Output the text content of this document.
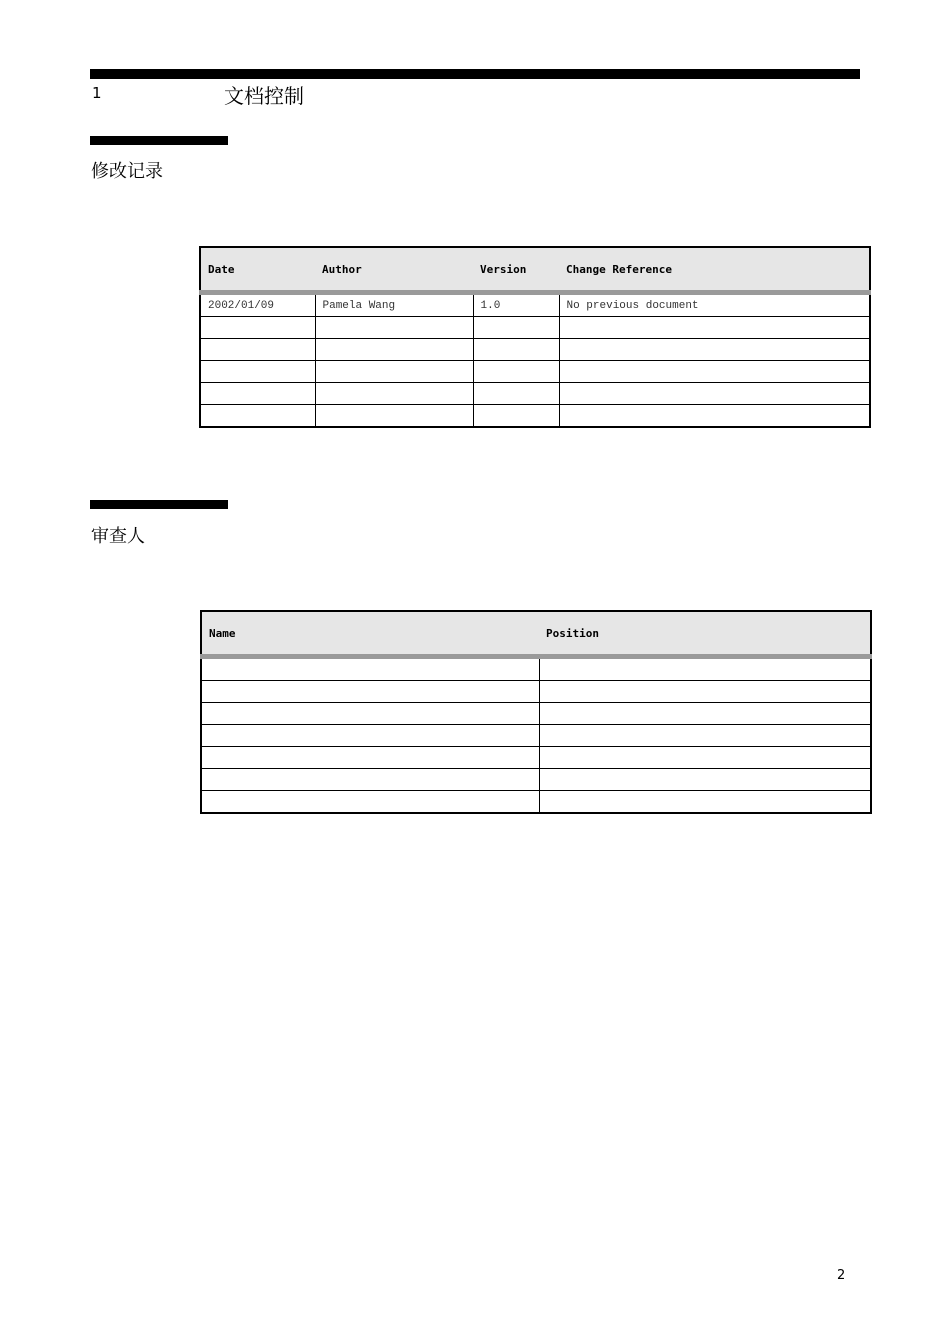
1	文档控制
修改记录
Date	Author	Version	Change Reference
2002/01/09	Pamela Wang	1.0	No previous document

审查人
Name	Position

2
